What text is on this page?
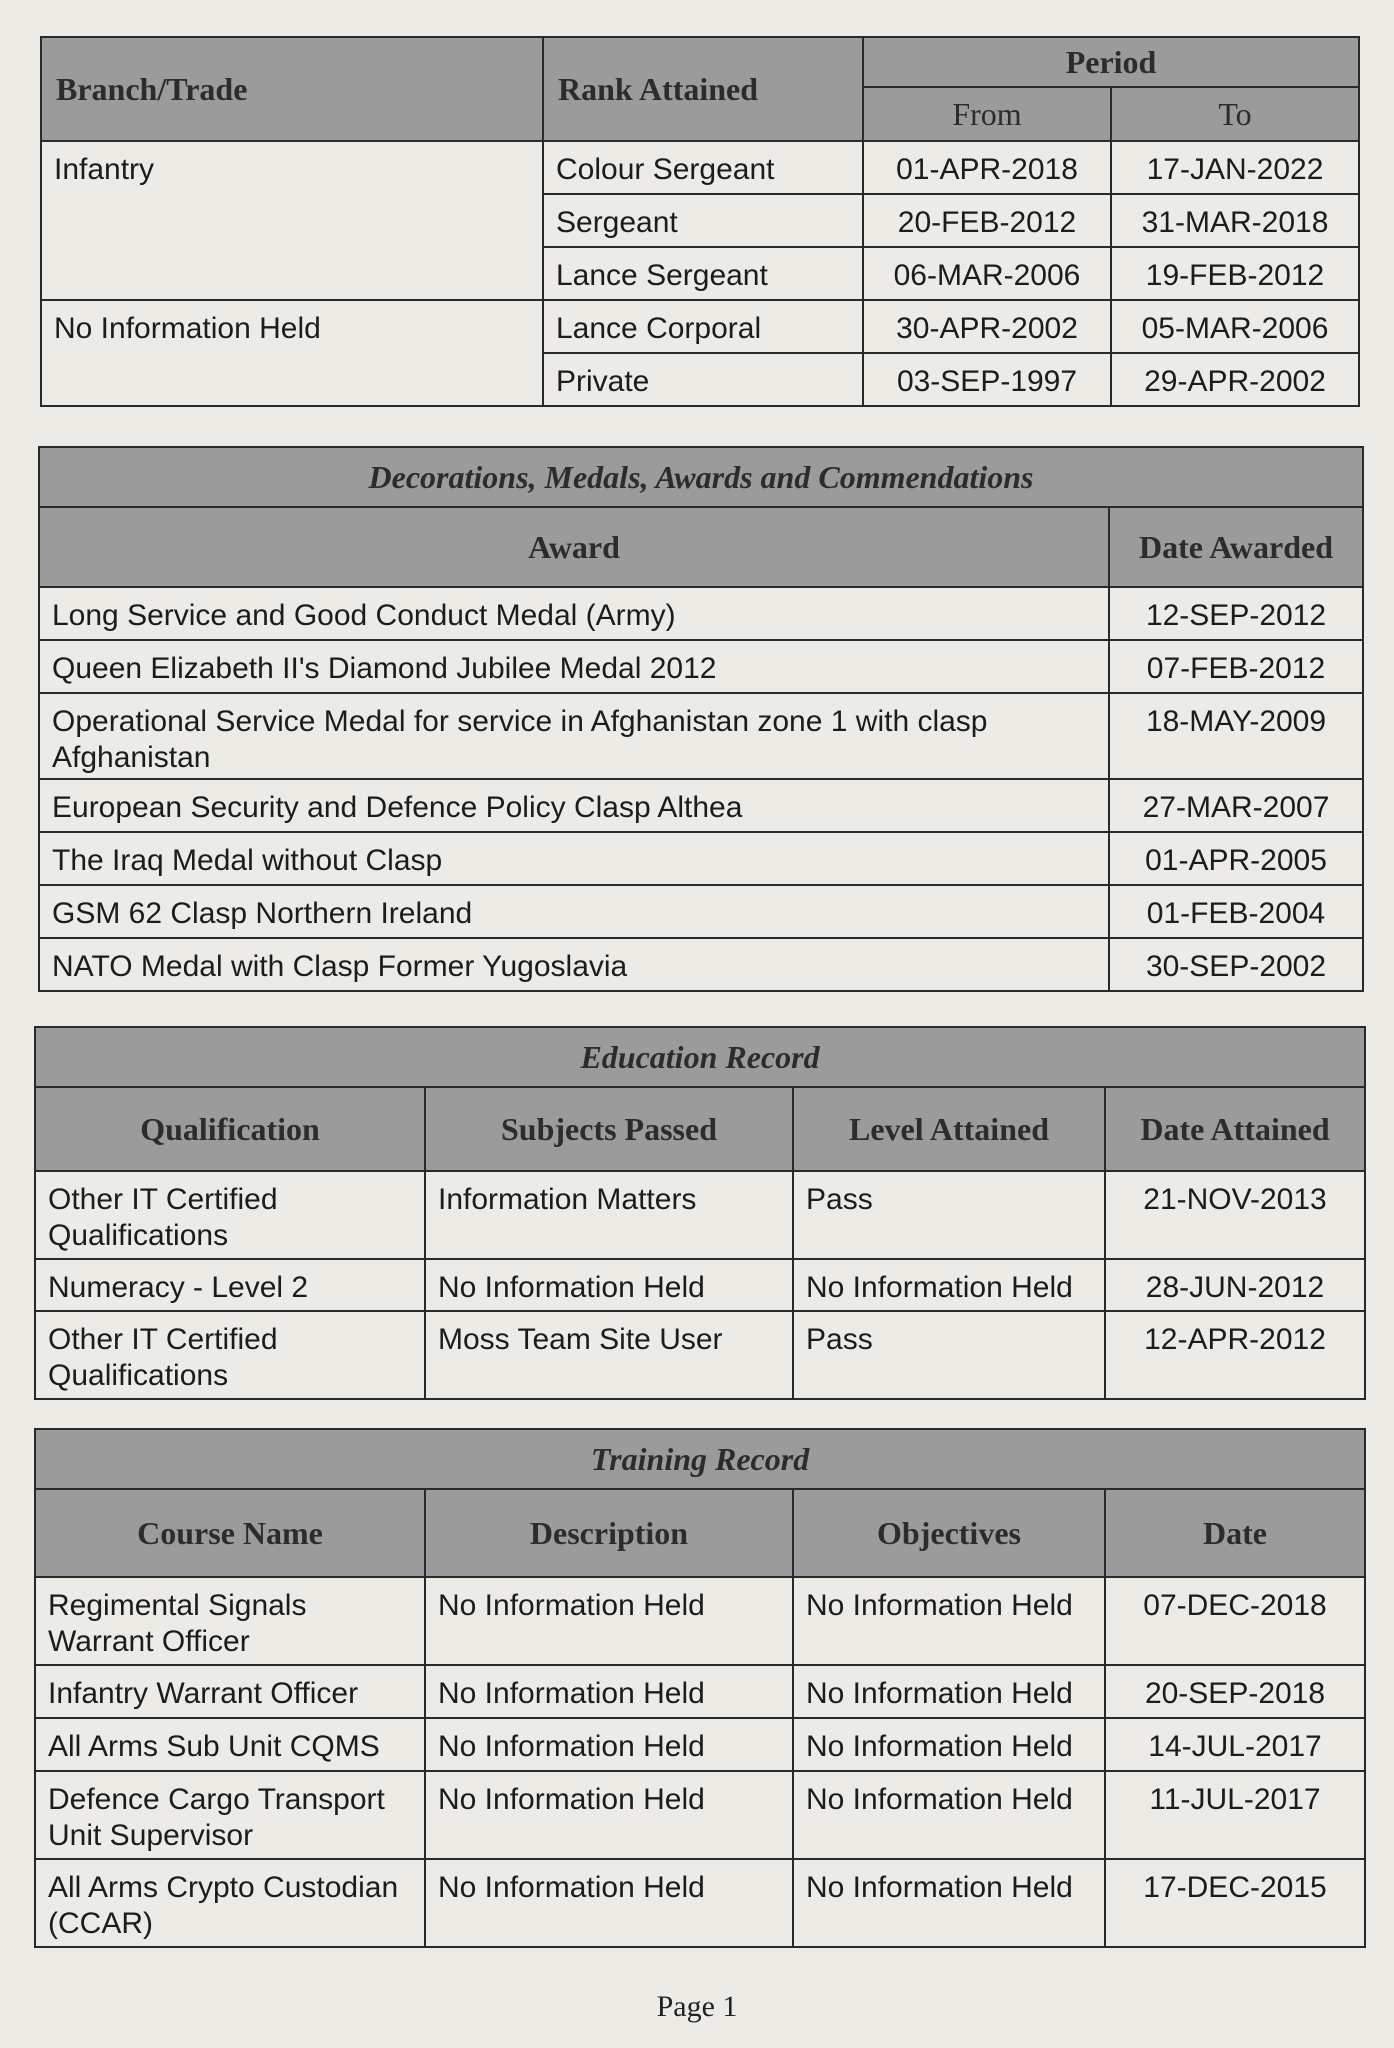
Branch/Trade	Rank Attained	Period	
		From	To
Infantry	Colour Sergeant	01-APR-2018	17-JAN-2022
	Sergeant	20-FEB-2012	31-MAR-2018
	Lance Sergeant	06-MAR-2006	19-FEB-2012
No Information Held	Lance Corporal	30-APR-2002	05-MAR-2006
	Private	03-SEP-1997	29-APR-2002
Decorations, Medals, Awards and Commendations	
Award	Date Awarded
Long Service and Good Conduct Medal (Army)	12-SEP-2012
Queen Elizabeth II's Diamond Jubilee Medal 2012	07-FEB-2012
Operational Service Medal for service in Afghanistan zone 1 with clasp Afghanistan	18-MAY-2009
European Security and Defence Policy Clasp Althea	27-MAR-2007
The Iraq Medal without Clasp	01-APR-2005
GSM 62 Clasp Northern Ireland	01-FEB-2004
NATO Medal with Clasp Former Yugoslavia	30-SEP-2002
Education Record			
Qualification	Subjects Passed	Level Attained	Date Attained
Other IT Certified Qualifications	Information Matters	Pass	21-NOV-2013
Numeracy - Level 2	No Information Held	No Information Held	28-JUN-2012
Other IT Certified Qualifications	Moss Team Site User	Pass	12-APR-2012
Training Record			
Course Name	Description	Objectives	Date
Regimental Signals Warrant Officer	No Information Held	No Information Held	07-DEC-2018
Infantry Warrant Officer	No Information Held	No Information Held	20-SEP-2018
All Arms Sub Unit CQMS	No Information Held	No Information Held	14-JUL-2017
Defence Cargo Transport Unit Supervisor	No Information Held	No Information Held	11-JUL-2017
All Arms Crypto Custodian (CCAR)	No Information Held	No Information Held	17-DEC-2015
Page 1
